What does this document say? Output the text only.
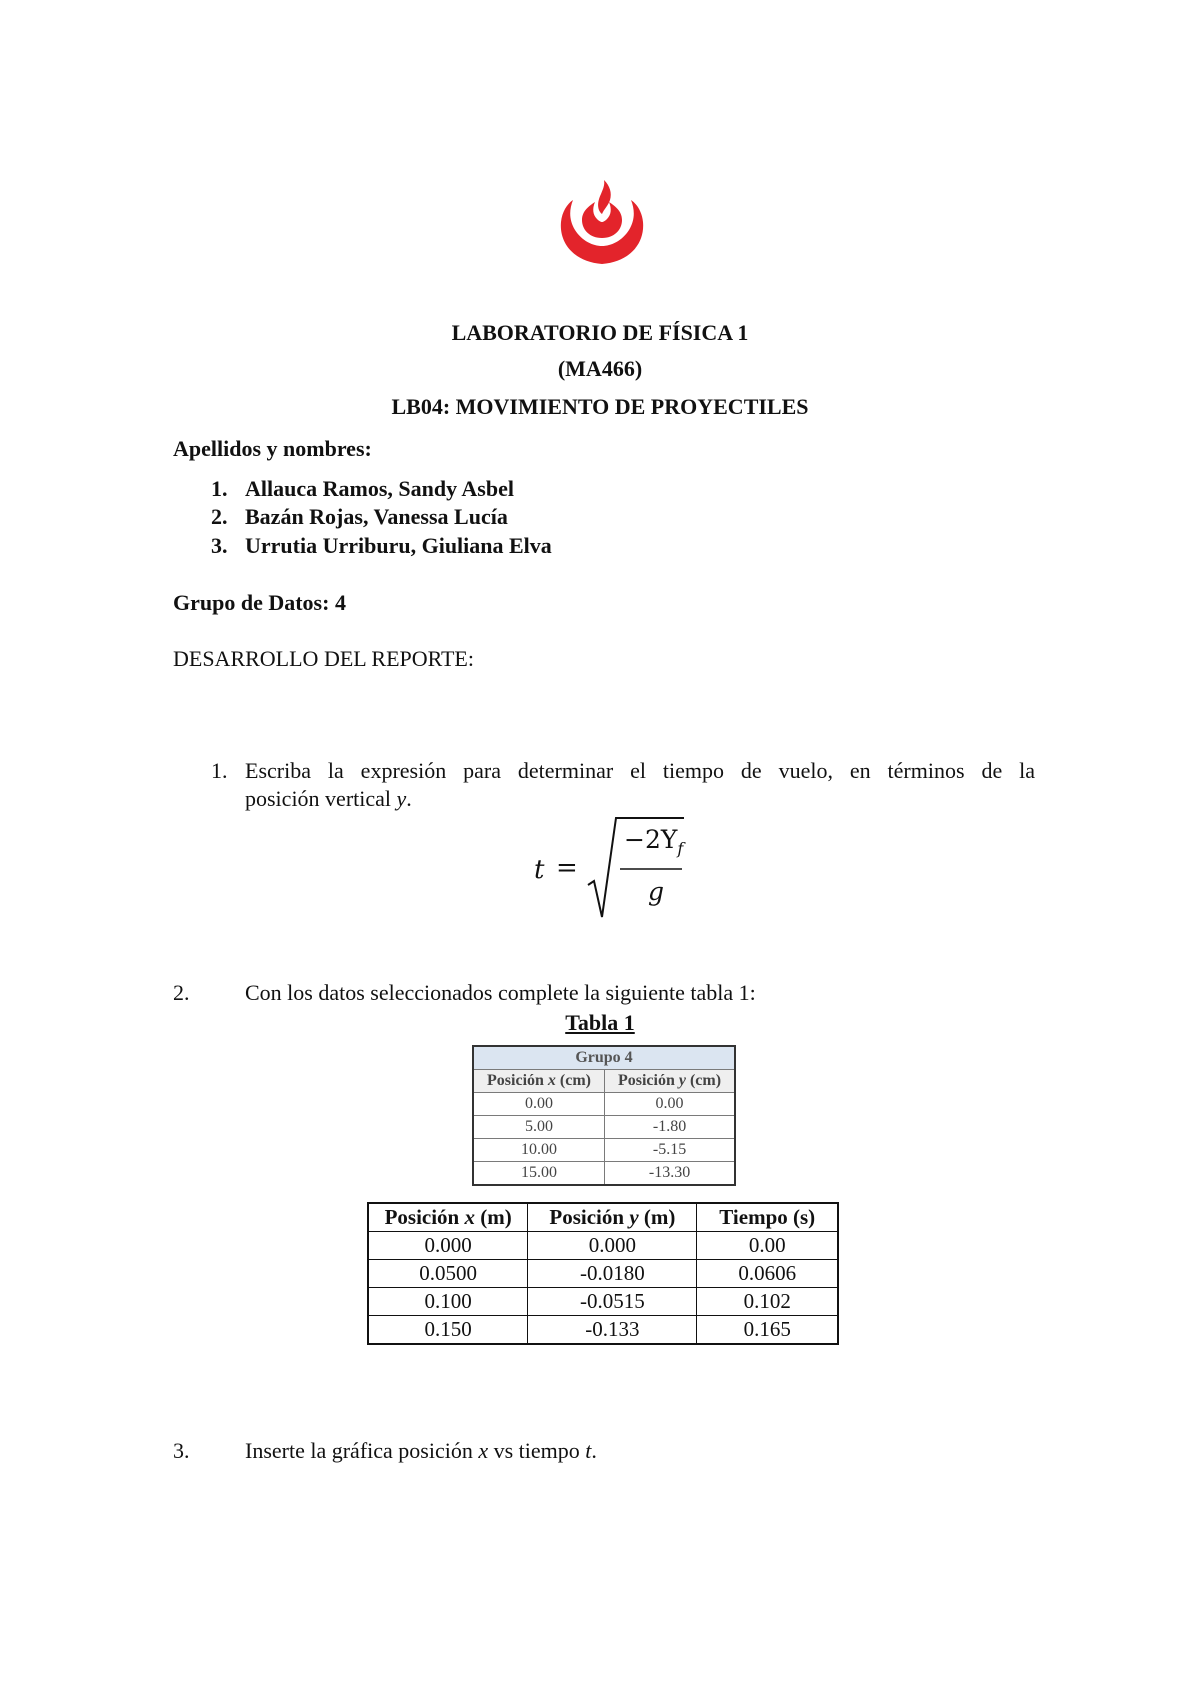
LABORATORIO DE FÍSICA 1
(MA466)
LB04: MOVIMIENTO DE PROYECTILES
Apellidos y nombres:
1. Allauca Ramos, Sandy Asbel
2. Bazán Rojas, Vanessa Lucía
3. Urrutia Urriburu, Giuliana Elva
Grupo de Datos: 4
DESARROLLO DEL REPORTE:
1. Escriba la expresión para determinar el tiempo de vuelo, en términos de la
posición vertical y.
t =
$-2Y_f$
g
2.	Con los datos seleccionados complete la siguiente tabla 1:
Tabla 1
Grupo 4	
Posición x (cm)	Posición y (cm)
0.00	0.00
5.00	-1.80
10.00	-5.15
15.00	-13.30
Posición x (m)	Posición y (m)	Tiempo (s)
0.000	0.000	0.00
0.0500	-0.0180	0.0606
0.100	-0.0515	0.102
0.150	-0.133	0.165
3.	Inserte la gráfica posición x vs tiempo t.
